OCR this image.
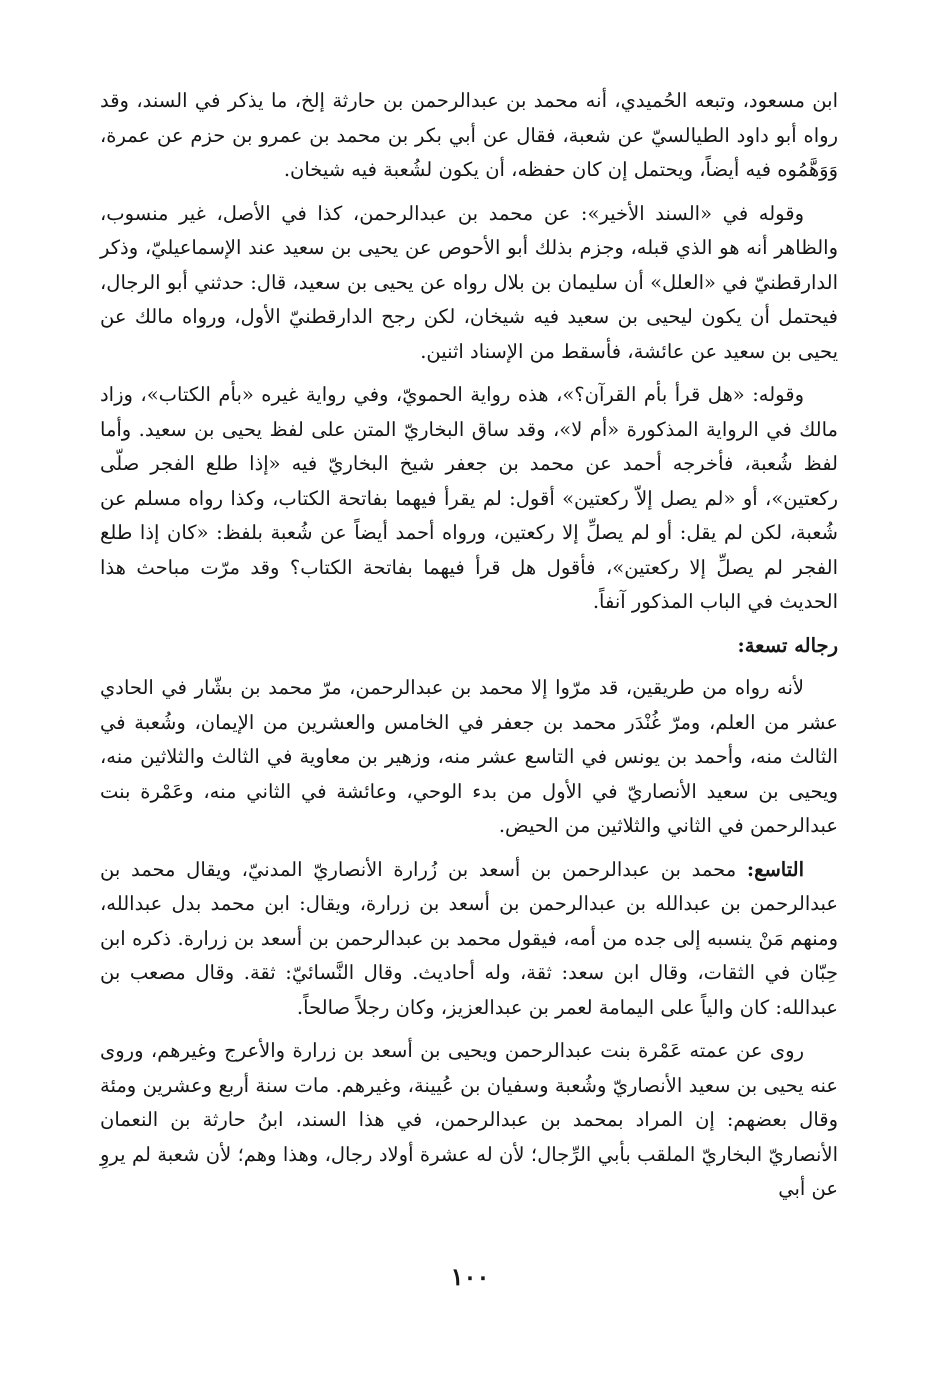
ابن مسعود، وتبعه الحُميدي، أنه محمد بن عبدالرحمن بن حارثة إلخ، ما يذكر في السند، وقد رواه أبو داود الطيالسيّ عن شعبة، فقال عن أبي بكر بن محمد بن عمرو بن حزم عن عمرة، وَوَهَّمُوه فيه أيضاً، ويحتمل إن كان حفظه، أن يكون لشُعبة فيه شيخان.

وقوله في «السند الأخير»: عن محمد بن عبدالرحمن، كذا في الأصل، غير منسوب، والظاهر أنه هو الذي قبله، وجزم بذلك أبو الأحوص عن يحيى بن سعيد عند الإسماعيليّ، وذكر الدارقطنيّ في «العلل» أن سليمان بن بلال رواه عن يحيى بن سعيد، قال: حدثني أبو الرجال، فيحتمل أن يكون ليحيى بن سعيد فيه شيخان، لكن رجح الدارقطنيّ الأول، ورواه مالك عن يحيى بن سعيد عن عائشة، فأسقط من الإسناد اثنين.

وقوله: «هل قرأ بأم القرآن؟»، هذه رواية الحمويّ، وفي رواية غيره «بأم الكتاب»، وزاد مالك في الرواية المذكورة «أم لا»، وقد ساق البخاريّ المتن على لفظ يحيى بن سعيد. وأما لفظ شُعبة، فأخرجه أحمد عن محمد بن جعفر شيخ البخاريّ فيه «إذا طلع الفجر صلّى ركعتين»، أو «لم يصل إلاّ ركعتين» أقول: لم يقرأ فيهما بفاتحة الكتاب، وكذا رواه مسلم عن شُعبة، لكن لم يقل: أو لم يصلِّ إلا ركعتين، ورواه أحمد أيضاً عن شُعبة بلفظ: «كان إذا طلع الفجر لم يصلِّ إلا ركعتين»، فأقول هل قرأ فيهما بفاتحة الكتاب؟ وقد مرّت مباحث هذا الحديث في الباب المذكور آنفاً.

رجاله تسعة:

لأنه رواه من طريقين، قد مرّوا إلا محمد بن عبدالرحمن، مرّ محمد بن بشّار في الحادي عشر من العلم، ومرّ غُنْدَر محمد بن جعفر في الخامس والعشرين من الإيمان، وشُعبة في الثالث منه، وأحمد بن يونس في التاسع عشر منه، وزهير بن معاوية في الثالث والثلاثين منه، ويحيى بن سعيد الأنصاريّ في الأول من بدء الوحي، وعائشة في الثاني منه، وعَمْرة بنت عبدالرحمن في الثاني والثلاثين من الحيض.

التاسع: محمد بن عبدالرحمن بن أسعد بن زُرارة الأنصاريّ المدنيّ، ويقال محمد بن عبدالرحمن بن عبدالله بن عبدالرحمن بن أسعد بن زرارة، ويقال: ابن محمد بدل عبدالله، ومنهم مَنْ ينسبه إلى جده من أمه، فيقول محمد بن عبدالرحمن بن أسعد بن زرارة. ذكره ابن حِبّان في الثقات، وقال ابن سعد: ثقة، وله أحاديث. وقال النَّسائيّ: ثقة. وقال مصعب بن عبدالله: كان والياً على اليمامة لعمر بن عبدالعزيز، وكان رجلاً صالحاً.

روى عن عمته عَمْرة بنت عبدالرحمن ويحيى بن أسعد بن زرارة والأعرج وغيرهم، وروى عنه يحيى بن سعيد الأنصاريّ وشُعبة وسفيان بن عُيينة، وغيرهم. مات سنة أربع وعشرين ومئة وقال بعضهم: إن المراد بمحمد بن عبدالرحمن، في هذا السند، ابنُ حارثة بن النعمان الأنصاريّ البخاريّ الملقب بأبي الرِّجال؛ لأن له عشرة أولاد رجال، وهذا وهم؛ لأن شعبة لم يروِ عن أبي

١٠٠
